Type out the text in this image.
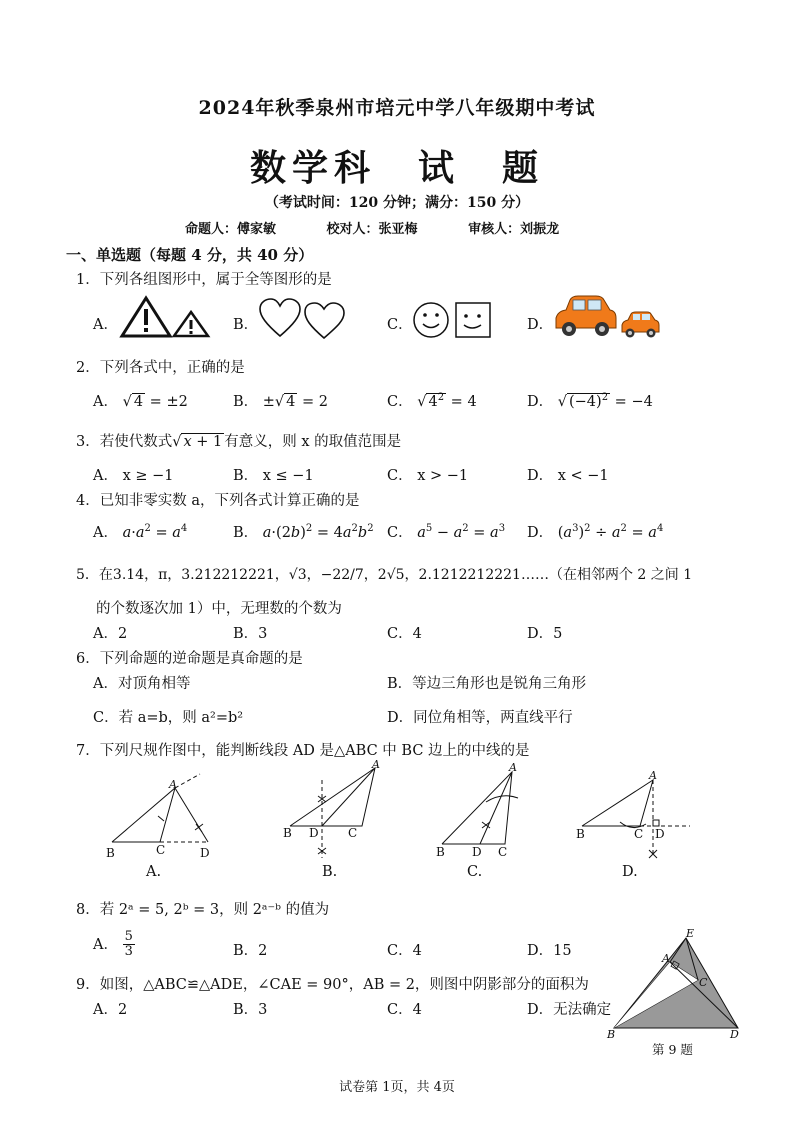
2024年秋季泉州市培元中学八年级期中考试
数学科　试　题
（考试时间：120 分钟；满分：150 分）
命题人：傅家敏	校对人：张亚梅	审核人：刘振龙
一、单选题（每题 4 分，共 40 分）
1．下列各组图形中，属于全等图形的是
A．	B．	C．	D．
2．下列各式中，正确的是
A． √ 4 = ±2	B． ±√ 4 = 2	C． √ $4^2 = 4$	D． √ $(-4)^2 = -4$
3．若使代数式√ x + 1 有意义，则 x 的取值范围是
A． x ≥ −1	B． x ≤ −1	C． x > −1	D． x < −1
4．已知非零实数 a，下列各式计算正确的是
A． $a\cdot a^2 = a^4$	B． $a\cdot(2b)^2 = 4a^2b^2$ C． $a^5 - a^2 = a^3$ D． $(a^3)^2 \div a^2 = a^4$
5．在3.14，π，3.212212221，√3，−22/7，2√5，2.1212212221……（在相邻两个 2 之间 1
的个数逐次加 1）中，无理数的个数为
A．2	B．3	C．4	D．5
6．下列命题的逆命题是真命题的是
A．对顶角相等	B．等边三角形也是锐角三角形
C．若 a=b，则 a²=b²	D．同位角相等，两直线平行
7．下列尺规作图中，能判断线段 AD 是△ABC 中 BC 边上的中线的是
A
B	C	D
A
B D C
A
B D C
A
B	C D
A.	B.	C.	D.
8．若 2ᵃ = 5, 2ᵇ = 3，则 2ᵃ⁻ᵇ 的值为
A． $\frac{5}{3}$	B．2	C．4	D．15
9．如图，△ABC≌△ADE，∠CAE = 90°，AB = 2，则图中阴影部分的面积为
A．2	B．3	C．4	D．无法确定
E
A
C
B	D
第 9 题
试卷第 1页，共 4页
